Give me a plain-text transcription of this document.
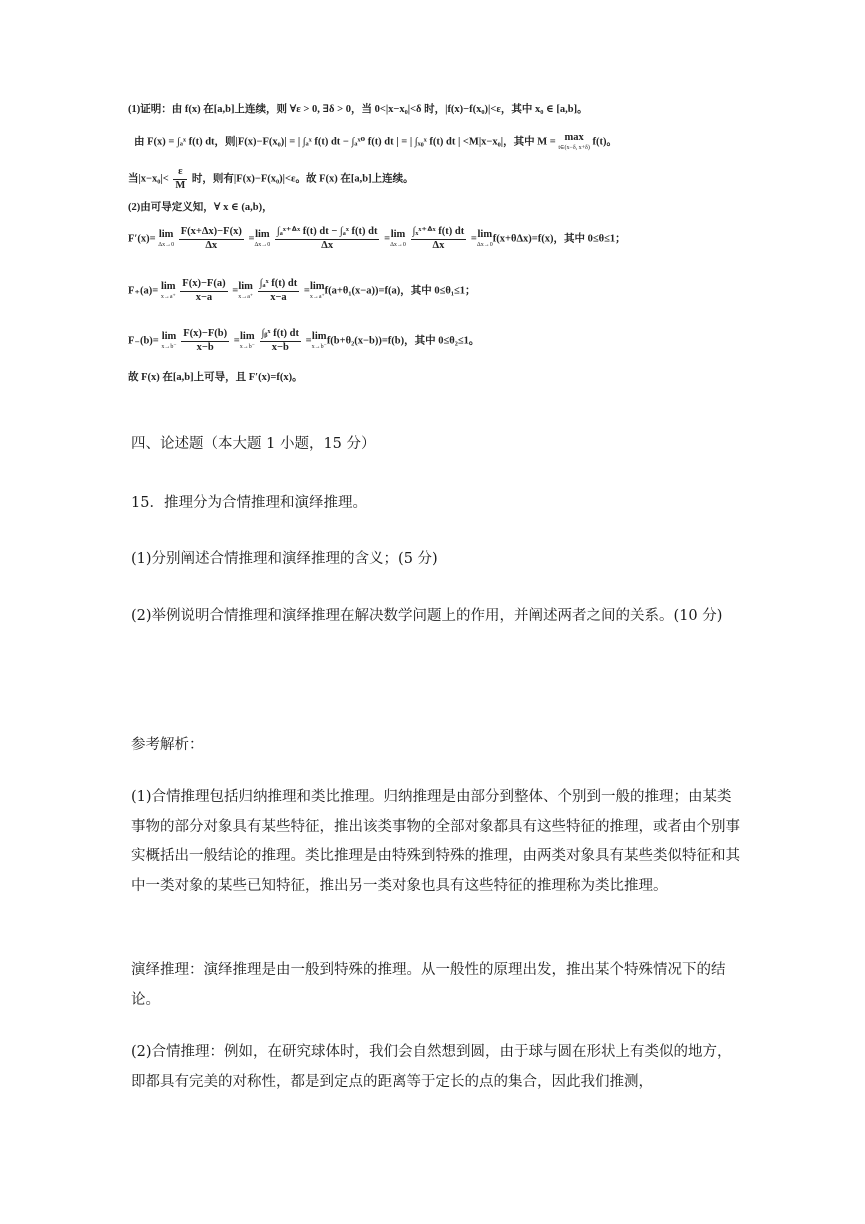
(1)证明：由 f(x) 在[a,b]上连续，则 ∀ε > 0, ∃δ > 0，当 0<|x−x₀|<δ 时，|f(x)−f(x₀)|<ε，其中 x₀ ∈ [a,b]。
由 F(x) = ∫ₐˣ f(t) dt，则|F(x)−F(x₀)| = | ∫ₐˣ f(t) dt − ∫ₐˣ⁰ f(t) dt | = | ∫ₓ₀ˣ f(t) dt | <M|x−x₀|，其中 M = max
t∈(x−δ, x+δ)
f(t)。
当$|x-x_0|< \frac{\varepsilon}{M}$ 时，则有|F(x)−F(x₀)|<ε。故 F(x) 在[a,b]上连续。
(2)由可导定义知，∀ x ∈ (a,b)，
F′(x)= lim
Δx→0
$\frac{F(x+\Delta x)-F(x)}{\Delta x} =\lim$
Δx→0
$\frac{\text{∫ₐˣ⁺ᐞˣ f(t) dt − ∫ₐˣ f(t) dt}}{\Delta x} =\lim$
Δx→0
$\frac{\text{∫ₓˣ⁺ᐞˣ f(t) dt}}{\Delta x} =\lim$
Δx→0
f(x+θΔx)=f(x)，其中 0≤θ≤1；
F₊(a)= lim
x→a⁺
$\frac{F(x)-F(a)}{x-a} =\lim$
x→a⁺
$\frac{\text{∫ₐˣ f(t) dt}}{x-a} =\lim$
x→a⁺
f(a+θ₁(x−a))=f(a)，其中 0≤θ₁≤1；
F₋(b)= lim
x→b⁻
$\frac{F(x)-F(b)}{x-b} =\lim$
x→b⁻
$\frac{\text{∫ᵦˣ f(t) dt}}{x-b} =\lim$
x→b⁻
f(b+θ₂(x−b))=f(b)，其中 0≤θ₂≤1。
故 F(x) 在[a,b]上可导，且 F′(x)=f(x)。

四、论述题（本大题 1 小题，15 分）

15．推理分为合情推理和演绎推理。

(1)分别阐述合情推理和演绎推理的含义；(5 分)

(2)举例说明合情推理和演绎推理在解决数学问题上的作用，并阐述两者之间的关系。(10 分)

参考解析：

(1)合情推理包括归纳推理和类比推理。归纳推理是由部分到整体、个别到一般的推理；由某类事物的部分对象具有某些特征，推出该类事物的全部对象都具有这些特征的推理，或者由个别事实概括出一般结论的推理。类比推理是由特殊到特殊的推理，由两类对象具有某些类似特征和其中一类对象的某些已知特征，推出另一类对象也具有这些特征的推理称为类比推理。

演绎推理：演绎推理是由一般到特殊的推理。从一般性的原理出发，推出某个特殊情况下的结论。

(2)合情推理：例如，在研究球体时，我们会自然想到圆，由于球与圆在形状上有类似的地方，即都具有完美的对称性，都是到定点的距离等于定长的点的集合，因此我们推测，
